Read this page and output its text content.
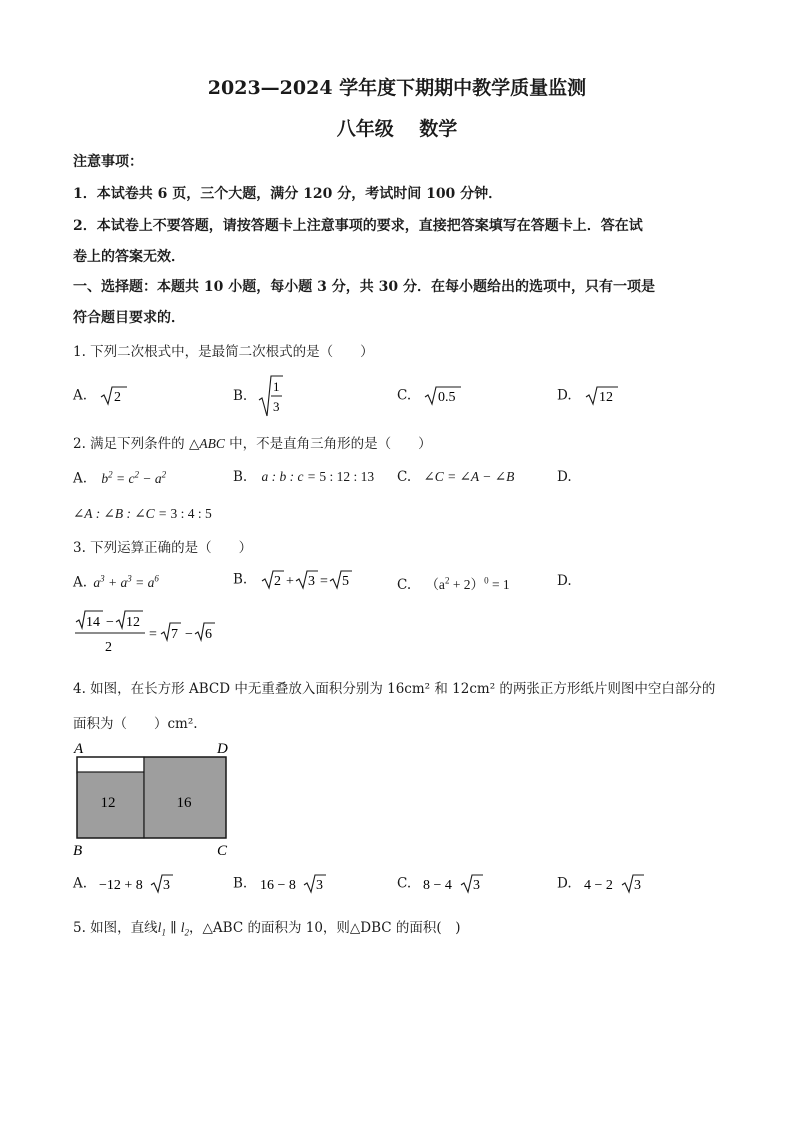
2023—2024 学年度下期期中教学质量监测
八年级　 数学
注意事项：
1．本试卷共 6 页，三个大题，满分 120 分，考试时间 100 分钟．
2．本试卷上不要答题，请按答题卡上注意事项的要求，直接把答案填写在答题卡上．答在试
卷上的答案无效．
一、选择题：本题共 10 小题，每小题 3 分，共 30 分．在每小题给出的选项中，只有一项是
符合题目要求的．
1. 下列二次根式中，是最简二次根式的是（　　）
A. 2	B.
1
3
C. 0.5	D. 12
2. 满足下列条件的 △ABC 中，不是直角三角形的是（　　）
A. $b^2 = c^2 - a^2$	B. a : b : c = 5 : 12 : 13 C. ∠C = ∠A − ∠B	D.
∠A : ∠B : ∠C = 3 : 4 : 5
3. 下列运算正确的是（　　）
A. $a^3 + a^3 = a^6$	B. 2 + 3 = 5	C. $(a^2 + 2)^0 = 1$	D.
14 − 12
2
= 7 − 6
4. 如图，在长方形 ABCD 中无重叠放入面积分别为 16cm² 和 12cm² 的两张正方形纸片则图中空白部分的
面积为（　　）cm².
12	16
A	D
B	C
A. −12 + 8 3	B. 16 − 8 3	C. 8 − 4 3	D. 4 − 2 3
5. 如图，直线$l_1$ ∥ $l_2$，△ABC 的面积为 10，则△DBC 的面积(　)
